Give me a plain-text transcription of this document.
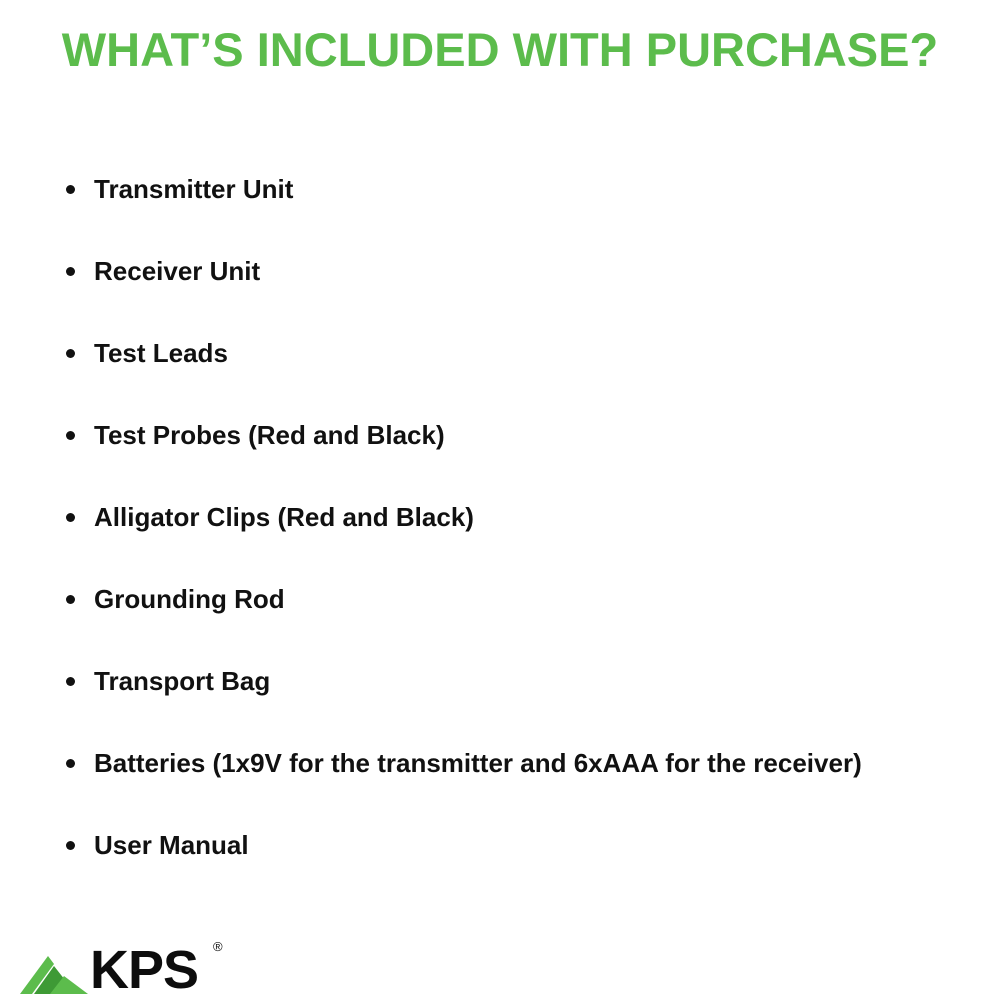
WHAT’S INCLUDED WITH PURCHASE?
Transmitter Unit
Receiver Unit
Test Leads
Test Probes (Red and Black)
Alligator Clips (Red and Black)
Grounding Rod
Transport Bag
Batteries (1x9V for the transmitter and 6xAAA for the receiver)
User Manual
KPS ®
